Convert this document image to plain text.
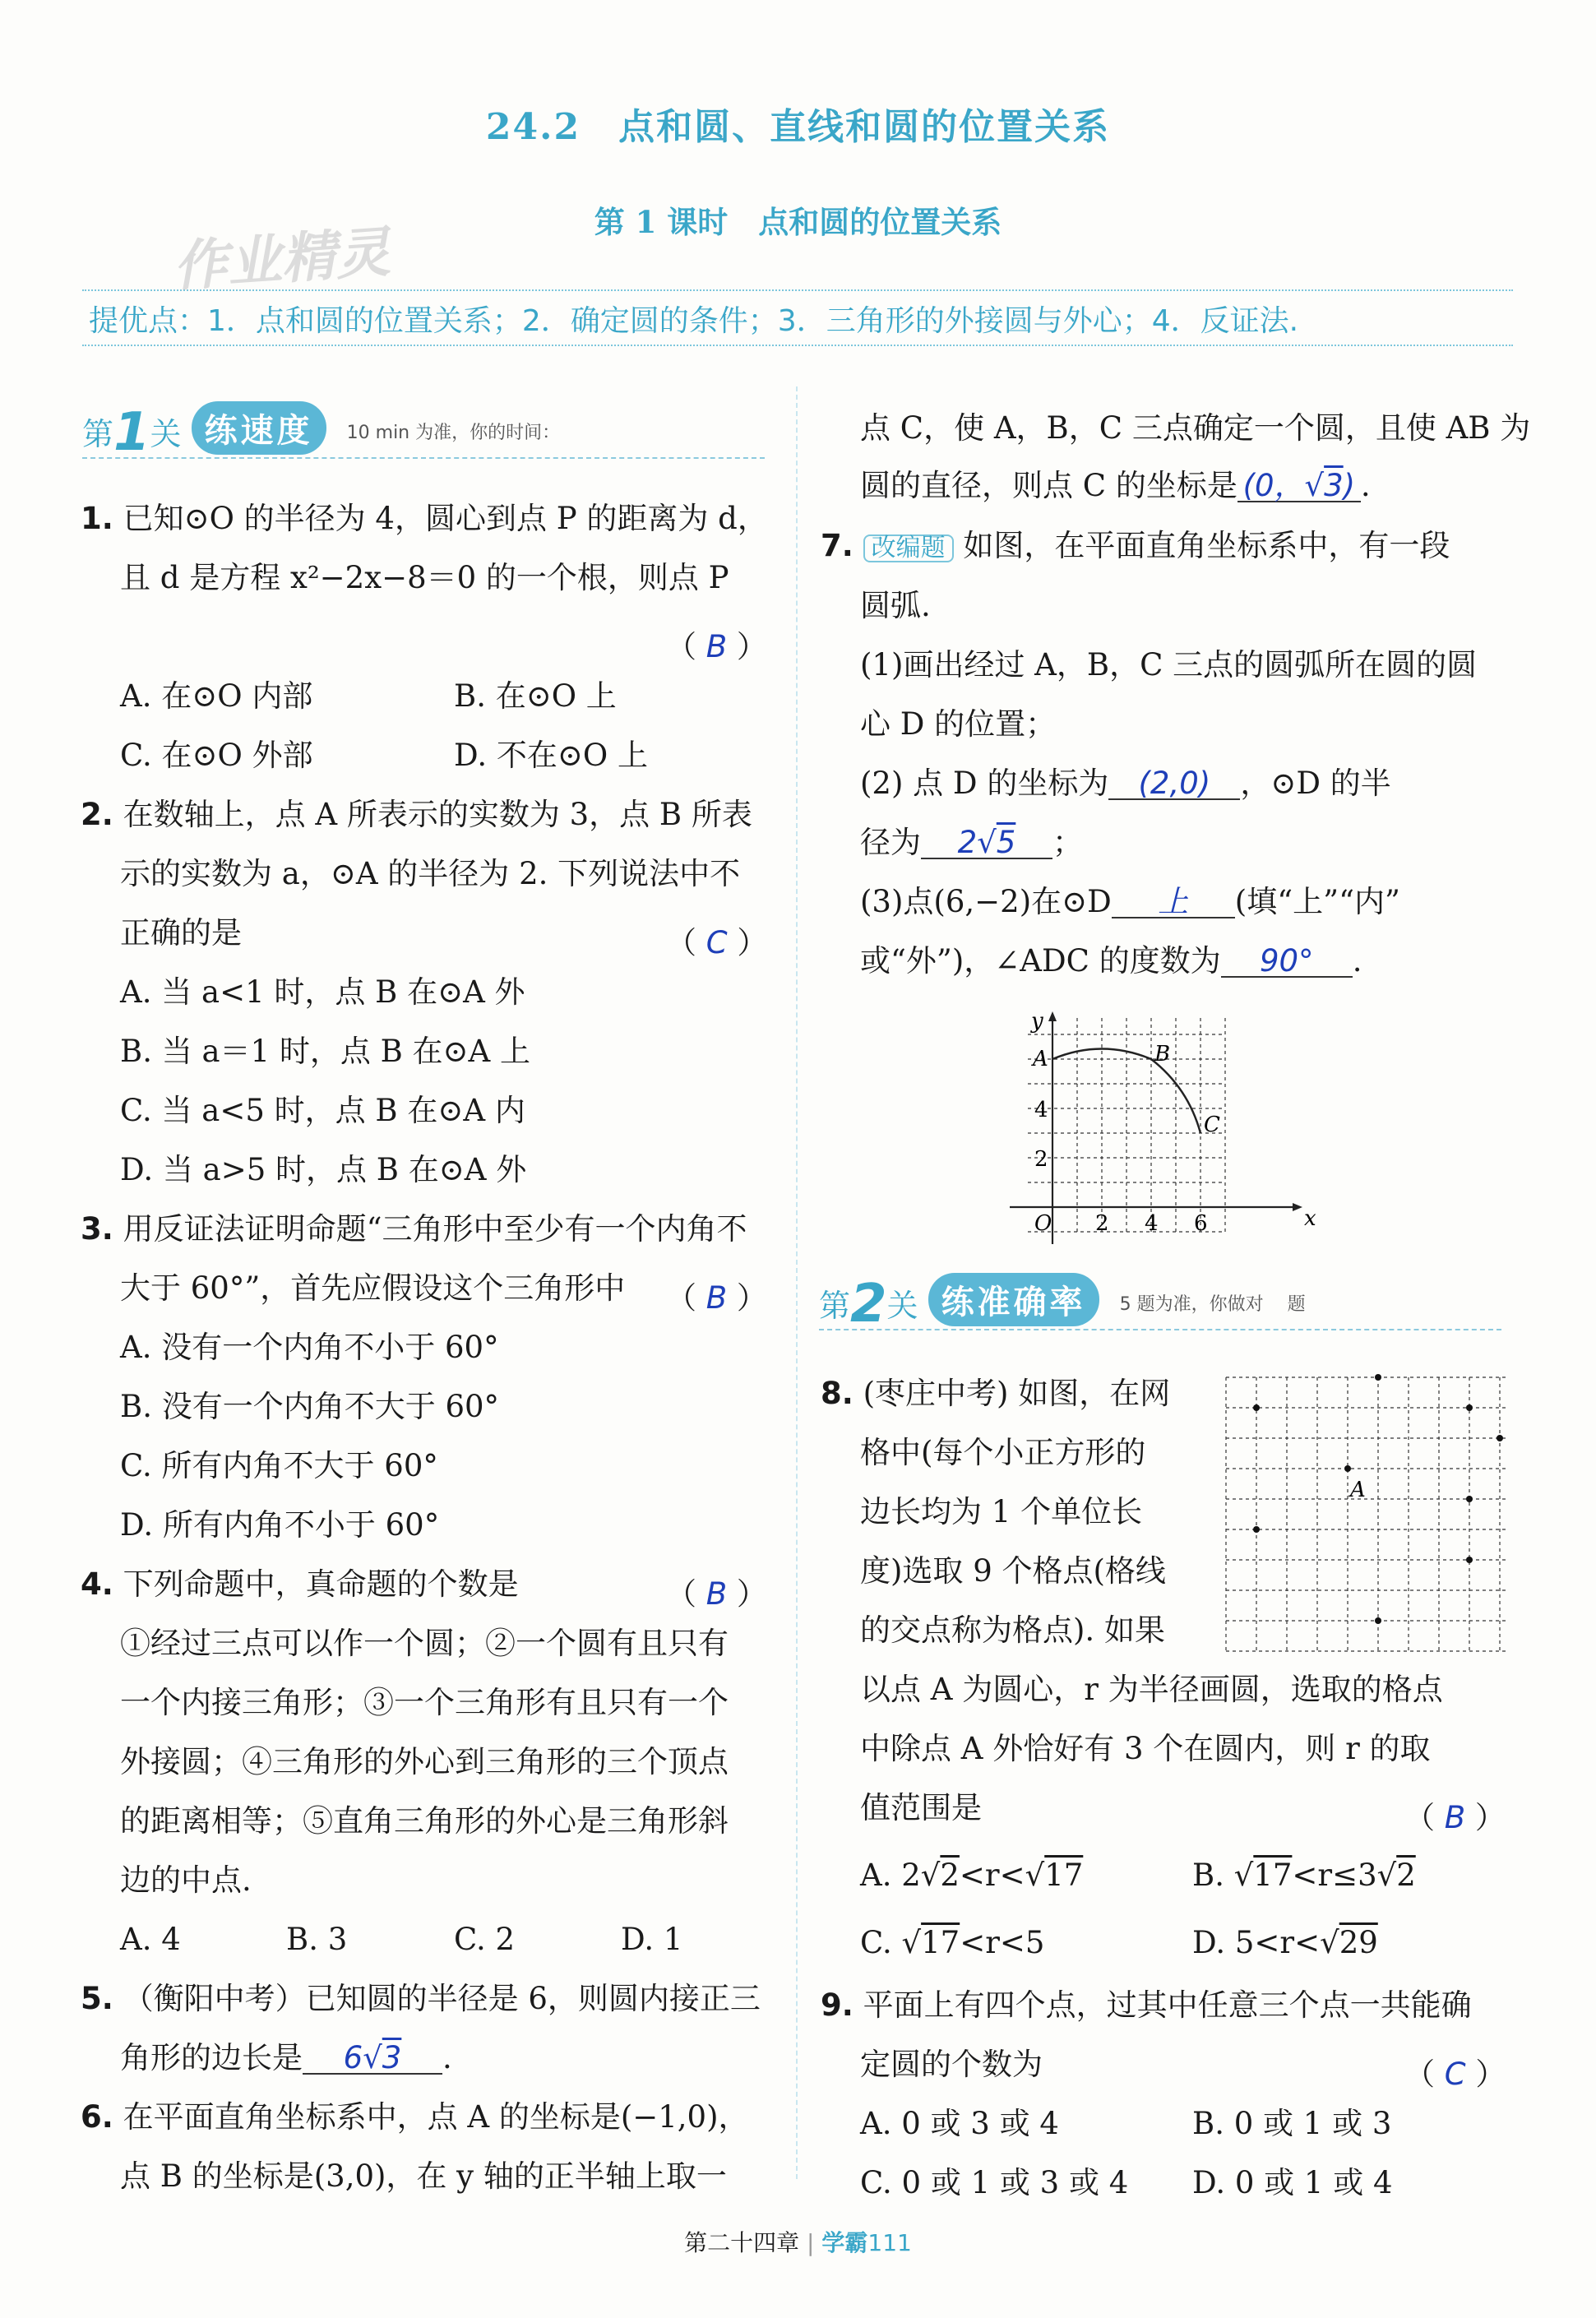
24.2　点和圆、直线和圆的位置关系
第 1 课时　点和圆的位置关系
作业精灵
提优点：1．点和圆的位置关系；2．确定圆的条件；3．三角形的外接圆与外心；4．反证法.
第1关 练速度 10 min 为准，你的时间：
1. 已知⊙O 的半径为 4，圆心到点 P 的距离为 d，
且 d 是方程 x²−2x−8＝0 的一个根，则点 P
（ B ）
A. 在⊙O 内部	B. 在⊙O 上
C. 在⊙O 外部	D. 不在⊙O 上
2. 在数轴上，点 A 所表示的实数为 3，点 B 所表
示的实数为 a，⊙A 的半径为 2. 下列说法中不
正确的是	（ C ）
A. 当 a<1 时，点 B 在⊙A 外
B. 当 a＝1 时，点 B 在⊙A 上
C. 当 a<5 时，点 B 在⊙A 内
D. 当 a>5 时，点 B 在⊙A 外
3. 用反证法证明命题“三角形中至少有一个内角不
大于 60°”，首先应假设这个三角形中 （ B ）
A. 没有一个内角不小于 60°
B. 没有一个内角不大于 60°
C. 所有内角不大于 60°
D. 所有内角不小于 60°
4. 下列命题中，真命题的个数是	（ B ）
①经过三点可以作一个圆；②一个圆有且只有
一个内接三角形；③一个三角形有且只有一个
外接圆；④三角形的外心到三角形的三个顶点
的距离相等；⑤直角三角形的外心是三角形斜
边的中点.
A. 4	B. 3	C. 2	D. 1
5. （衡阳中考）已知圆的半径是 6，则圆内接正三
角形的边长是 6√3 .
6. 在平面直角坐标系中，点 A 的坐标是(−1,0)，
点 B 的坐标是(3,0)，在 y 轴的正半轴上取一
点 C，使 A，B，C 三点确定一个圆，且使 AB 为
圆的直径，则点 C 的坐标是 (0，√3) .
7. 改编题 如图，在平面直角坐标系中，有一段
圆弧.
(1)画出经过 A，B，C 三点的圆弧所在圆的圆
心 D 的位置；
(2) 点 D 的坐标为 (2,0) ，⊙D 的半
径为 2√5 ；
(3)点(6,−2)在⊙D 上 (填“上”“内”
或“外”)，∠ADC 的度数为 90° .
x
y
O 2 4 6
2
4
A	B
C
第2关 练准确率 5 题为准，你做对　 题
8. (枣庄中考) 如图，在网
格中(每个小正方形的
边长均为 1 个单位长
度)选取 9 个格点(格线
的交点称为格点). 如果
以点 A 为圆心，r 为半径画圆，选取的格点
中除点 A 外恰好有 3 个在圆内，则 r 的取
值范围是	（ B ）
A. 2√2<r<√17	B. √17<r≤3√2
C. √17<r<5	D. 5<r<√29
A
9. 平面上有四个点，过其中任意三个点一共能确
定圆的个数为	（ C ）
A. 0 或 3 或 4	B. 0 或 1 或 3
C. 0 或 1 或 3 或 4 D. 0 或 1 或 4
第二十四章 | 学霸111
